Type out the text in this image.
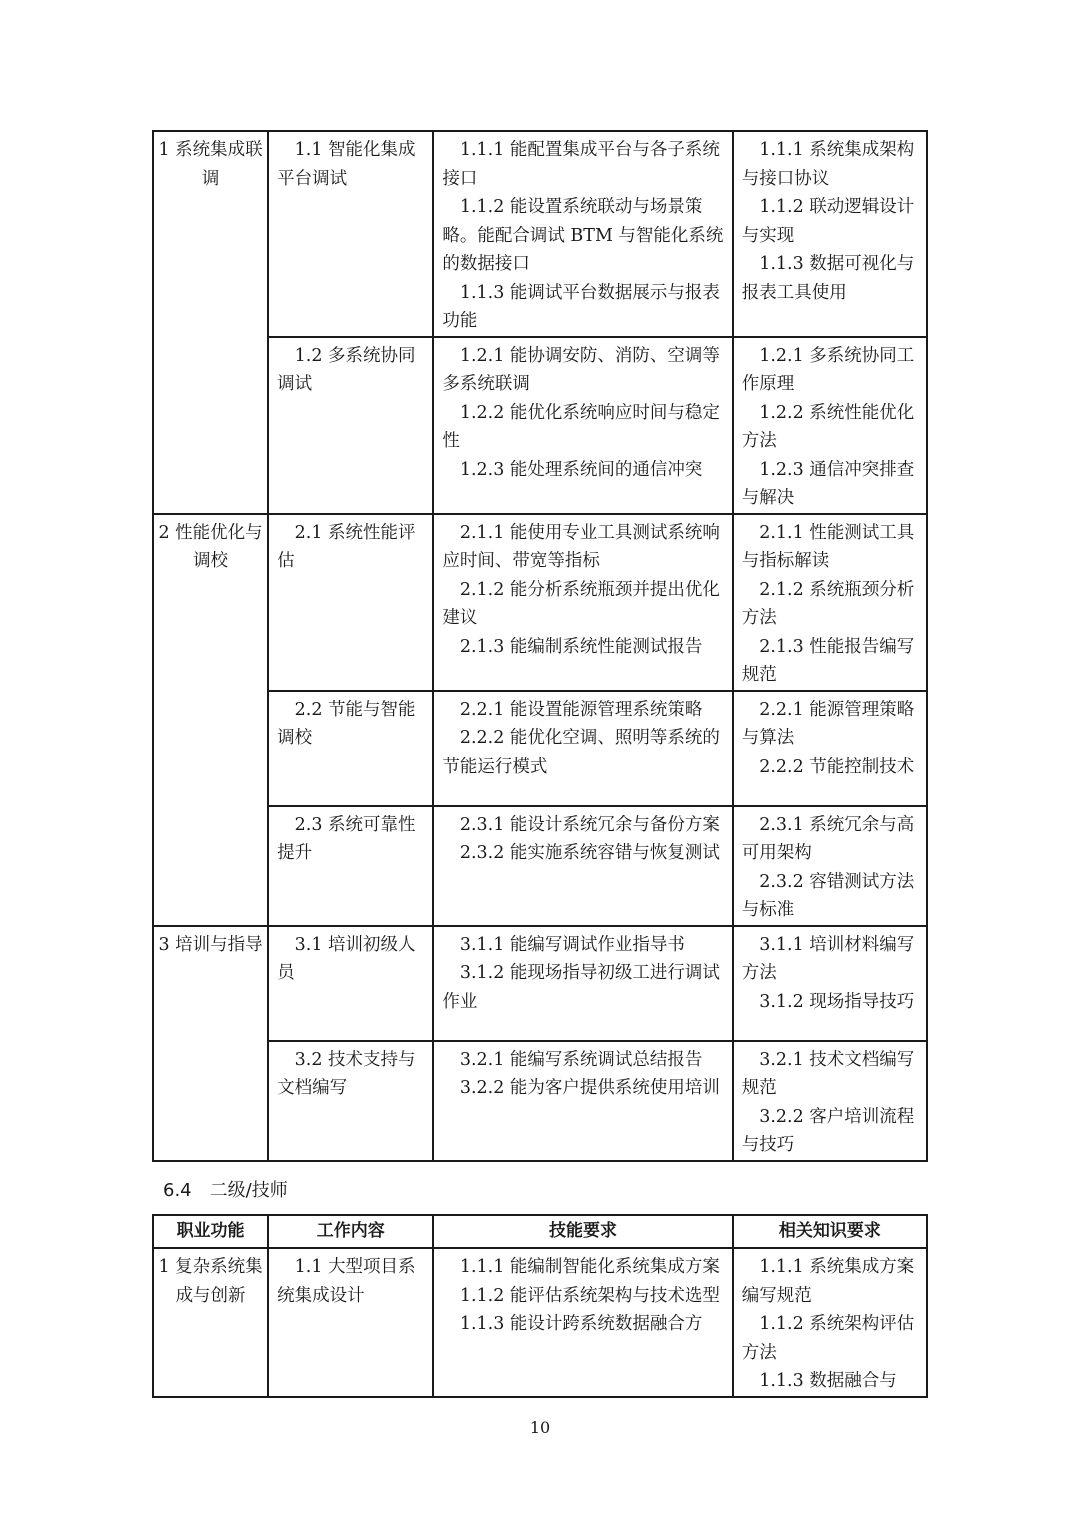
1 系统集成联调	1.1 智能化集成平台调试	1.1.1 能配置集成平台与各子系统接口
1.1.2 能设置系统联动与场景策略。能配合调试 BTM 与智能化系统的数据接口
1.1.3 能调试平台数据展示与报表功能	1.1.1 系统集成架构与接口协议
1.1.2 联动逻辑设计与实现
1.1.3 数据可视化与报表工具使用

	1.2 多系统协同调试	1.2.1 能协调安防、消防、空调等多系统联调
1.2.2 能优化系统响应时间与稳定性
1.2.3 能处理系统间的通信冲突	1.2.1 多系统协同工作原理
1.2.2 系统性能优化方法
1.2.3 通信冲突排查与解决

2 性能优化与调校	2.1 系统性能评估	2.1.1 能使用专业工具测试系统响应时间、带宽等指标
2.1.2 能分析系统瓶颈并提出优化建议
2.1.3 能编制系统性能测试报告	2.1.1 性能测试工具与指标解读
2.1.2 系统瓶颈分析方法
2.1.3 性能报告编写规范

	2.2 节能与智能调校	2.2.1 能设置能源管理系统策略
2.2.2 能优化空调、照明等系统的节能运行模式	2.2.1 能源管理策略与算法
2.2.2 节能控制技术

	2.3 系统可靠性提升	2.3.1 能设计系统冗余与备份方案
2.3.2 能实施系统容错与恢复测试	2.3.1 系统冗余与高可用架构
2.3.2 容错测试方法与标准

3 培训与指导	3.1 培训初级人员	3.1.1 能编写调试作业指导书
3.1.2 能现场指导初级工进行调试作业	3.1.1 培训材料编写方法
3.1.2 现场指导技巧

	3.2 技术支持与文档编写	3.2.1 能编写系统调试总结报告
3.2.2 能为客户提供系统使用培训	3.2.1 技术文档编写规范
3.2.2 客户培训流程与技巧
6.4　二级/技师
职业功能	工作内容	技能要求	相关知识要求
1 复杂系统集成与创新	1.1 大型项目系统集成设计	1.1.1 能编制智能化系统集成方案
1.1.2 能评估系统架构与技术选型
1.1.3 能设计跨系统数据融合方	1.1.1 系统集成方案编写规范
1.1.2 系统架构评估方法
1.1.3 数据融合与
10
